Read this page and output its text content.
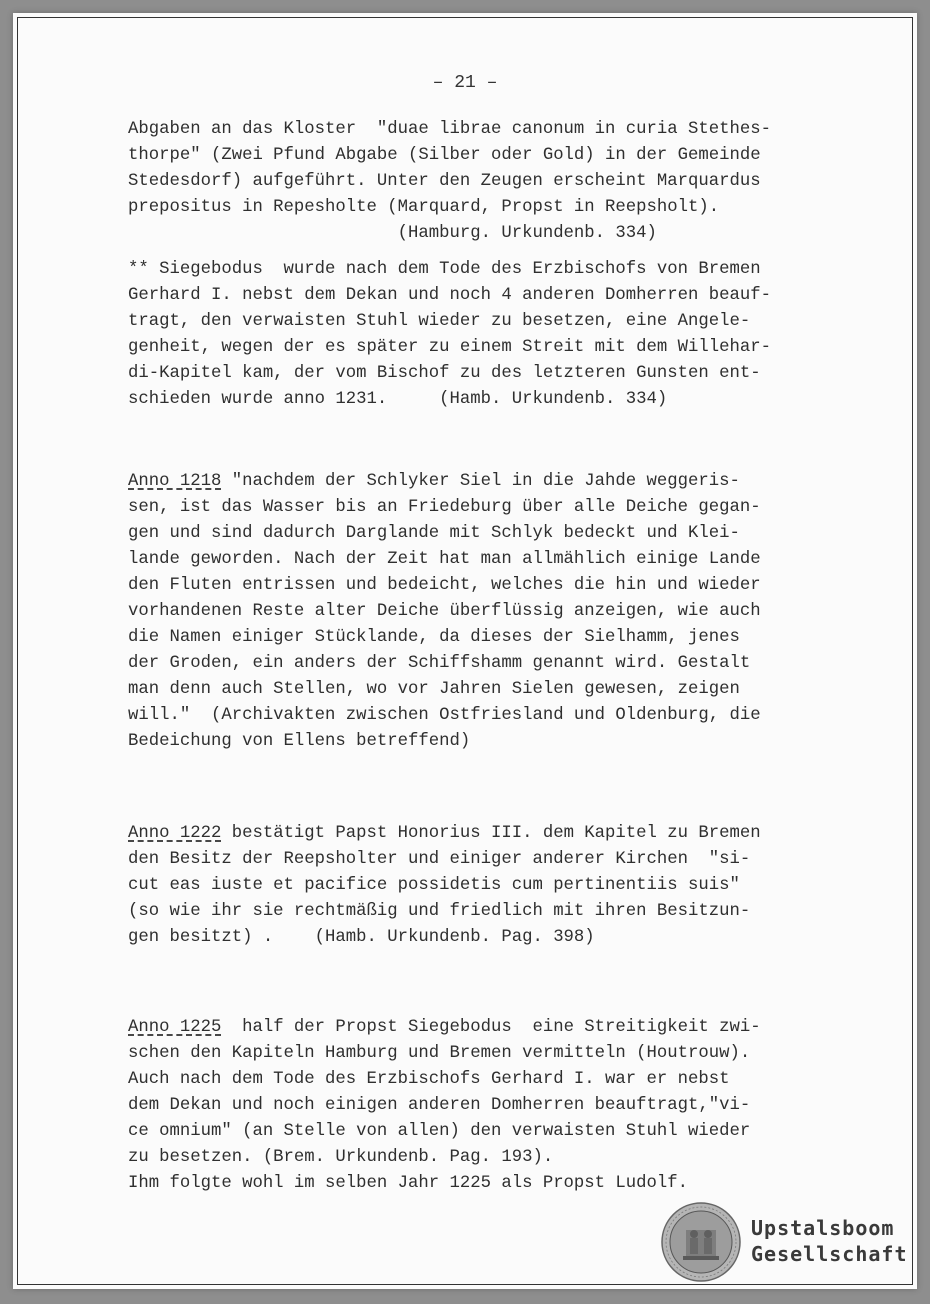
– 21 –

Abgaben an das Kloster  "duae librae canonum in curia Stethes-

thorpe" (Zwei Pfund Abgabe (Silber oder Gold) in der Gemeinde

Stedesdorf) aufgeführt. Unter den Zeugen erscheint Marquardus

prepositus in Repesholte (Marquard, Propst in Reepsholt).

(Hamburg. Urkundenb. 334)

** Siegebodus  wurde nach dem Tode des Erzbischofs von Bremen

Gerhard I. nebst dem Dekan und noch 4 anderen Domherren beauf-

tragt, den verwaisten Stuhl wieder zu besetzen, eine Angele-

genheit, wegen der es später zu einem Streit mit dem Willehar-

di-Kapitel kam, der vom Bischof zu des letzteren Gunsten ent-

schieden wurde anno 1231.     (Hamb. Urkundenb. 334)

Anno 1218 "nachdem der Schlyker Siel in die Jahde weggeris-

sen, ist das Wasser bis an Friedeburg über alle Deiche gegan-

gen und sind dadurch Darglande mit Schlyk bedeckt und Klei-

lande geworden. Nach der Zeit hat man allmählich einige Lande

den Fluten entrissen und bedeicht, welches die hin und wieder

vorhandenen Reste alter Deiche überflüssig anzeigen, wie auch

die Namen einiger Stücklande, da dieses der Sielhamm, jenes

der Groden, ein anders der Schiffshamm genannt wird. Gestalt

man denn auch Stellen, wo vor Jahren Sielen gewesen, zeigen

will."  (Archivakten zwischen Ostfriesland und Oldenburg, die

Bedeichung von Ellens betreffend)

Anno 1222 bestätigt Papst Honorius III. dem Kapitel zu Bremen

den Besitz der Reepsholter und einiger anderer Kirchen  "si-

cut eas iuste et pacifice possidetis cum pertinentiis suis"

(so wie ihr sie rechtmäßig und friedlich mit ihren Besitzun-

gen besitzt) .    (Hamb. Urkundenb. Pag. 398)

Anno 1225  half der Propst Siegebodus  eine Streitigkeit zwi-

schen den Kapiteln Hamburg und Bremen vermitteln (Houtrouw).

Auch nach dem Tode des Erzbischofs Gerhard I. war er nebst

dem Dekan und noch einigen anderen Domherren beauftragt,"vi-

ce omnium" (an Stelle von allen) den verwaisten Stuhl wieder

zu besetzen. (Brem. Urkundenb. Pag. 193).

Ihm folgte wohl im selben Jahr 1225 als Propst Ludolf.

Upstalsboom
Gesellschaft
